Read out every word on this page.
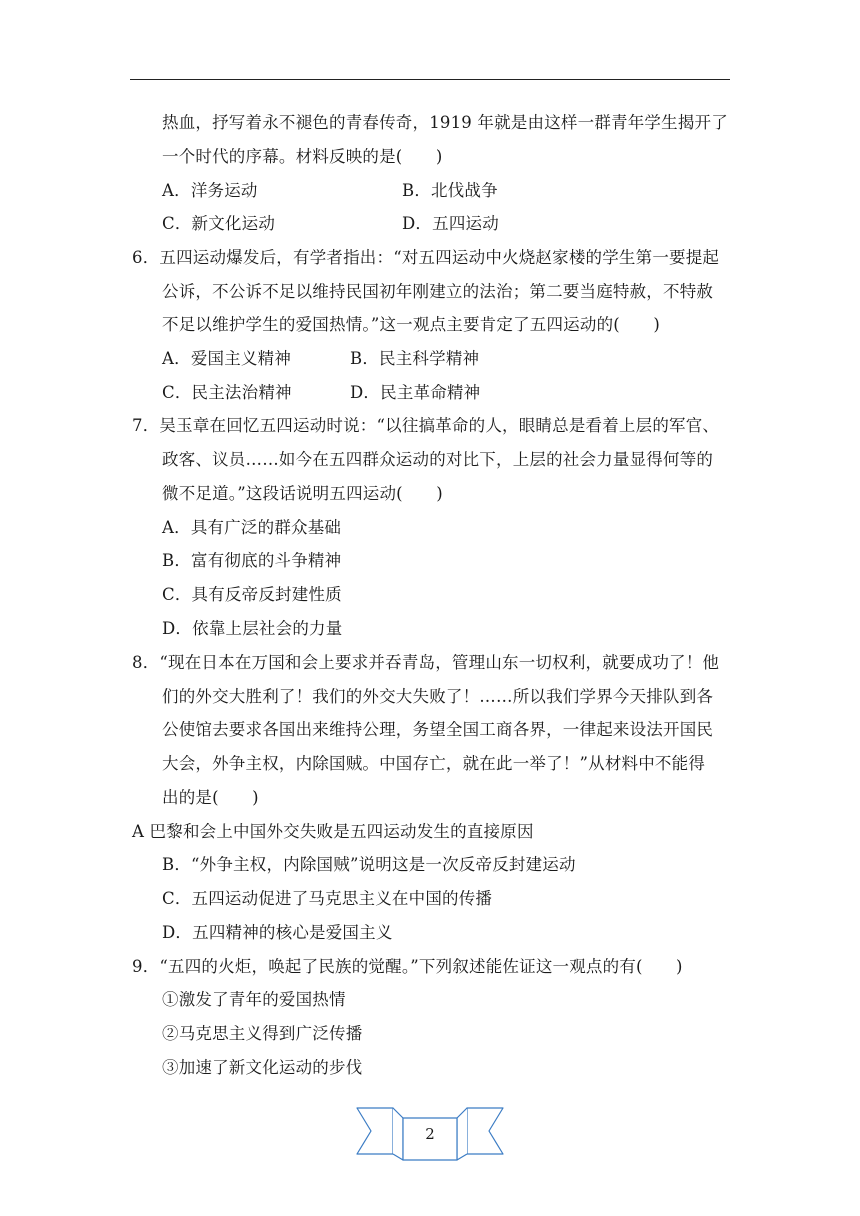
热血，抒写着永不褪色的青春传奇，1919 年就是由这样一群青年学生揭开了
一个时代的序幕。材料反映的是(　　)
A．洋务运动	B．北伐战争
C．新文化运动	D．五四运动
6．五四运动爆发后，有学者指出：“对五四运动中火烧赵家楼的学生第一要提起
公诉，不公诉不足以维持民国初年刚建立的法治；第二要当庭特赦，不特赦
不足以维护学生的爱国热情。”这一观点主要肯定了五四运动的(　　)
A．爱国主义精神	B．民主科学精神
C．民主法治精神	D．民主革命精神
7．吴玉章在回忆五四运动时说：“以往搞革命的人，眼睛总是看着上层的军官、
政客、议员……如今在五四群众运动的对比下，上层的社会力量显得何等的
微不足道。”这段话说明五四运动(　　)
A．具有广泛的群众基础
B．富有彻底的斗争精神
C．具有反帝反封建性质
D．依靠上层社会的力量
8．“现在日本在万国和会上要求并吞青岛，管理山东一切权利，就要成功了！他
们的外交大胜利了！我们的外交大失败了！……所以我们学界今天排队到各
公使馆去要求各国出来维持公理，务望全国工商各界，一律起来设法开国民
大会，外争主权，内除国贼。中国存亡，就在此一举了！”从材料中不能得
出的是(　　)
A 巴黎和会上中国外交失败是五四运动发生的直接原因
B．“外争主权，内除国贼”说明这是一次反帝反封建运动
C．五四运动促进了马克思主义在中国的传播
D．五四精神的核心是爱国主义
9．“五四的火炬，唤起了民族的觉醒。”下列叙述能佐证这一观点的有(　　)
①激发了青年的爱国热情
②马克思主义得到广泛传播
③加速了新文化运动的步伐
2
